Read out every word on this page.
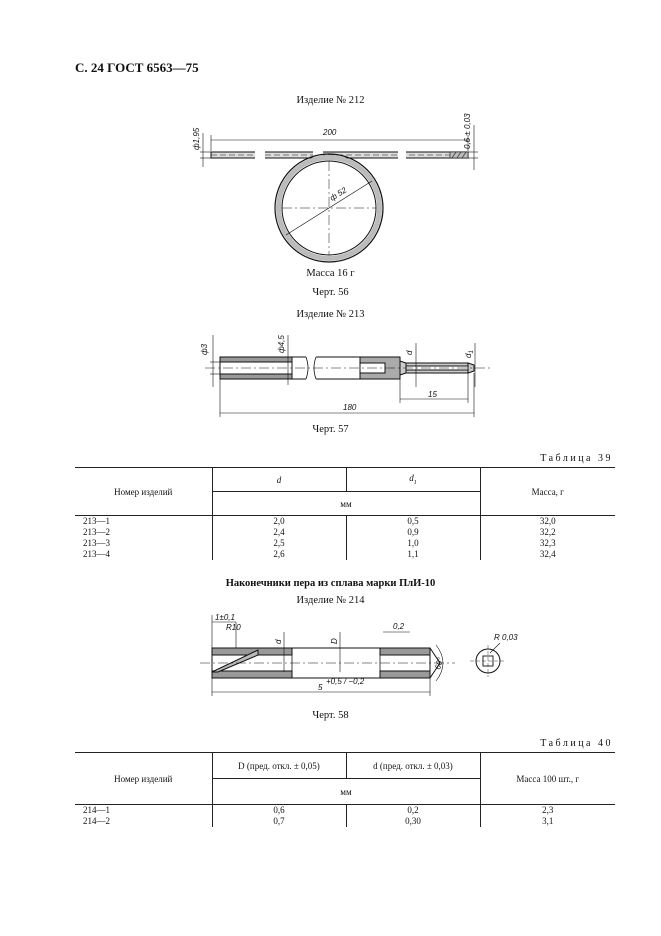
С. 24 ГОСТ 6563—75
Изделие № 212
200
ф1,95	0,6 ± 0,03
ф 52
Масса 16 г
Черт. 56
Изделие № 213
ф3	ф4,5	d
$d_1$
15
180
Черт. 57
Таблица 39
Номер изделий	d	$d_1$	Масса, г
	мм		
213—1	2,0	0,5	32,0
213—2	2,4	0,9	32,2
213—3	2,5	1,0	32,3
213—4	2,6	1,1	32,4
Наконечники пера из сплава марки ПлИ-10
Изделие № 214
1±0,1
R10
d	D
0,2
60°
5
+0,5 / −0,2
R 0,03
Черт. 58
Таблица 40
Номер изделий	D (пред. откл. ± 0,05)	d (пред. откл. ± 0,03)	Масса 100 шт., г
	мм		
214—1	0,6	0,2	2,3
214—2	0,7	0,30	3,1
